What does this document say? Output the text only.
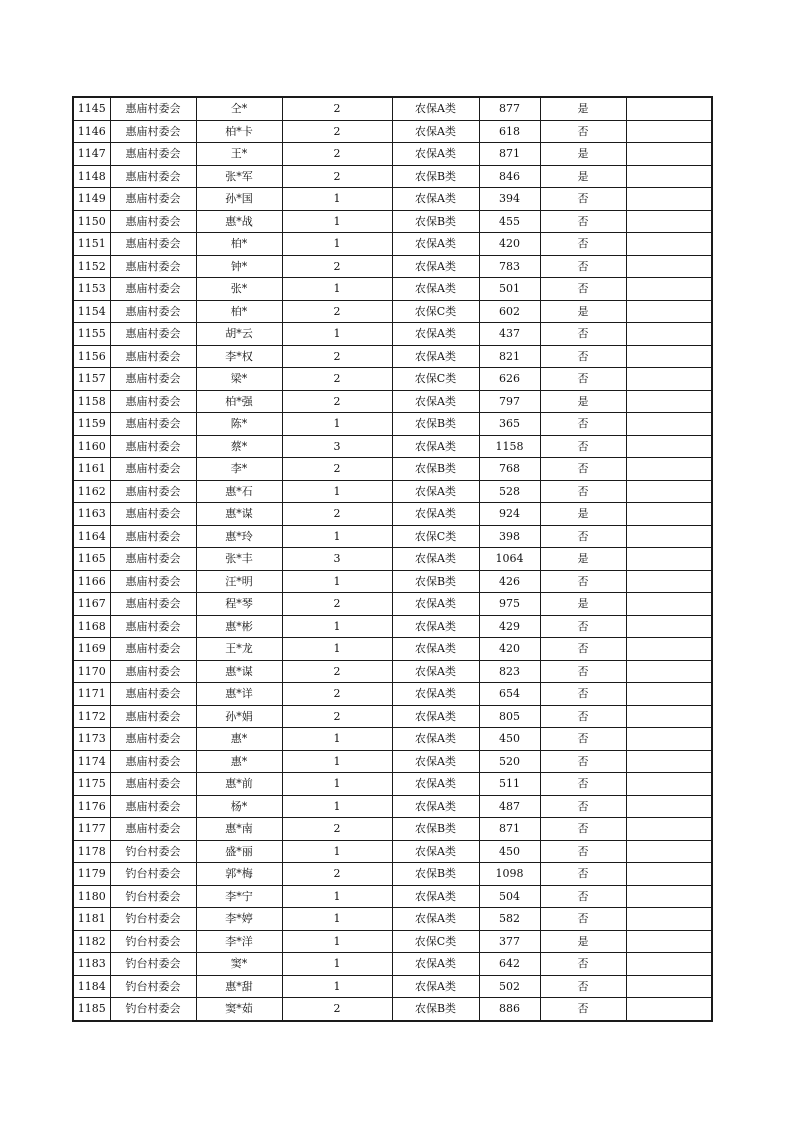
1145	惠庙村委会	仝*	2	农保A类	877	是	
1146	惠庙村委会	柏*卡	2	农保A类	618	否	
1147	惠庙村委会	王*	2	农保A类	871	是	
1148	惠庙村委会	张*军	2	农保B类	846	是	
1149	惠庙村委会	孙*国	1	农保A类	394	否	
1150	惠庙村委会	惠*战	1	农保B类	455	否	
1151	惠庙村委会	柏*	1	农保A类	420	否	
1152	惠庙村委会	钟*	2	农保A类	783	否	
1153	惠庙村委会	张*	1	农保A类	501	否	
1154	惠庙村委会	柏*	2	农保C类	602	是	
1155	惠庙村委会	胡*云	1	农保A类	437	否	
1156	惠庙村委会	李*权	2	农保A类	821	否	
1157	惠庙村委会	梁*	2	农保C类	626	否	
1158	惠庙村委会	柏*强	2	农保A类	797	是	
1159	惠庙村委会	陈*	1	农保B类	365	否	
1160	惠庙村委会	蔡*	3	农保A类	1158	否	
1161	惠庙村委会	李*	2	农保B类	768	否	
1162	惠庙村委会	惠*石	1	农保A类	528	否	
1163	惠庙村委会	惠*谋	2	农保A类	924	是	
1164	惠庙村委会	惠*玲	1	农保C类	398	否	
1165	惠庙村委会	张*丰	3	农保A类	1064	是	
1166	惠庙村委会	汪*明	1	农保B类	426	否	
1167	惠庙村委会	程*琴	2	农保A类	975	是	
1168	惠庙村委会	惠*彬	1	农保A类	429	否	
1169	惠庙村委会	王*龙	1	农保A类	420	否	
1170	惠庙村委会	惠*谋	2	农保A类	823	否	
1171	惠庙村委会	惠*详	2	农保A类	654	否	
1172	惠庙村委会	孙*娟	2	农保A类	805	否	
1173	惠庙村委会	惠*	1	农保A类	450	否	
1174	惠庙村委会	惠*	1	农保A类	520	否	
1175	惠庙村委会	惠*前	1	农保A类	511	否	
1176	惠庙村委会	杨*	1	农保A类	487	否	
1177	惠庙村委会	惠*南	2	农保B类	871	否	
1178	钓台村委会	盛*丽	1	农保A类	450	否	
1179	钓台村委会	郭*梅	2	农保B类	1098	否	
1180	钓台村委会	李*宁	1	农保A类	504	否	
1181	钓台村委会	李*婷	1	农保A类	582	否	
1182	钓台村委会	李*洋	1	农保C类	377	是	
1183	钓台村委会	窦*	1	农保A类	642	否	
1184	钓台村委会	惠*甜	1	农保A类	502	否	
1185	钓台村委会	窦*茹	2	农保B类	886	否	
